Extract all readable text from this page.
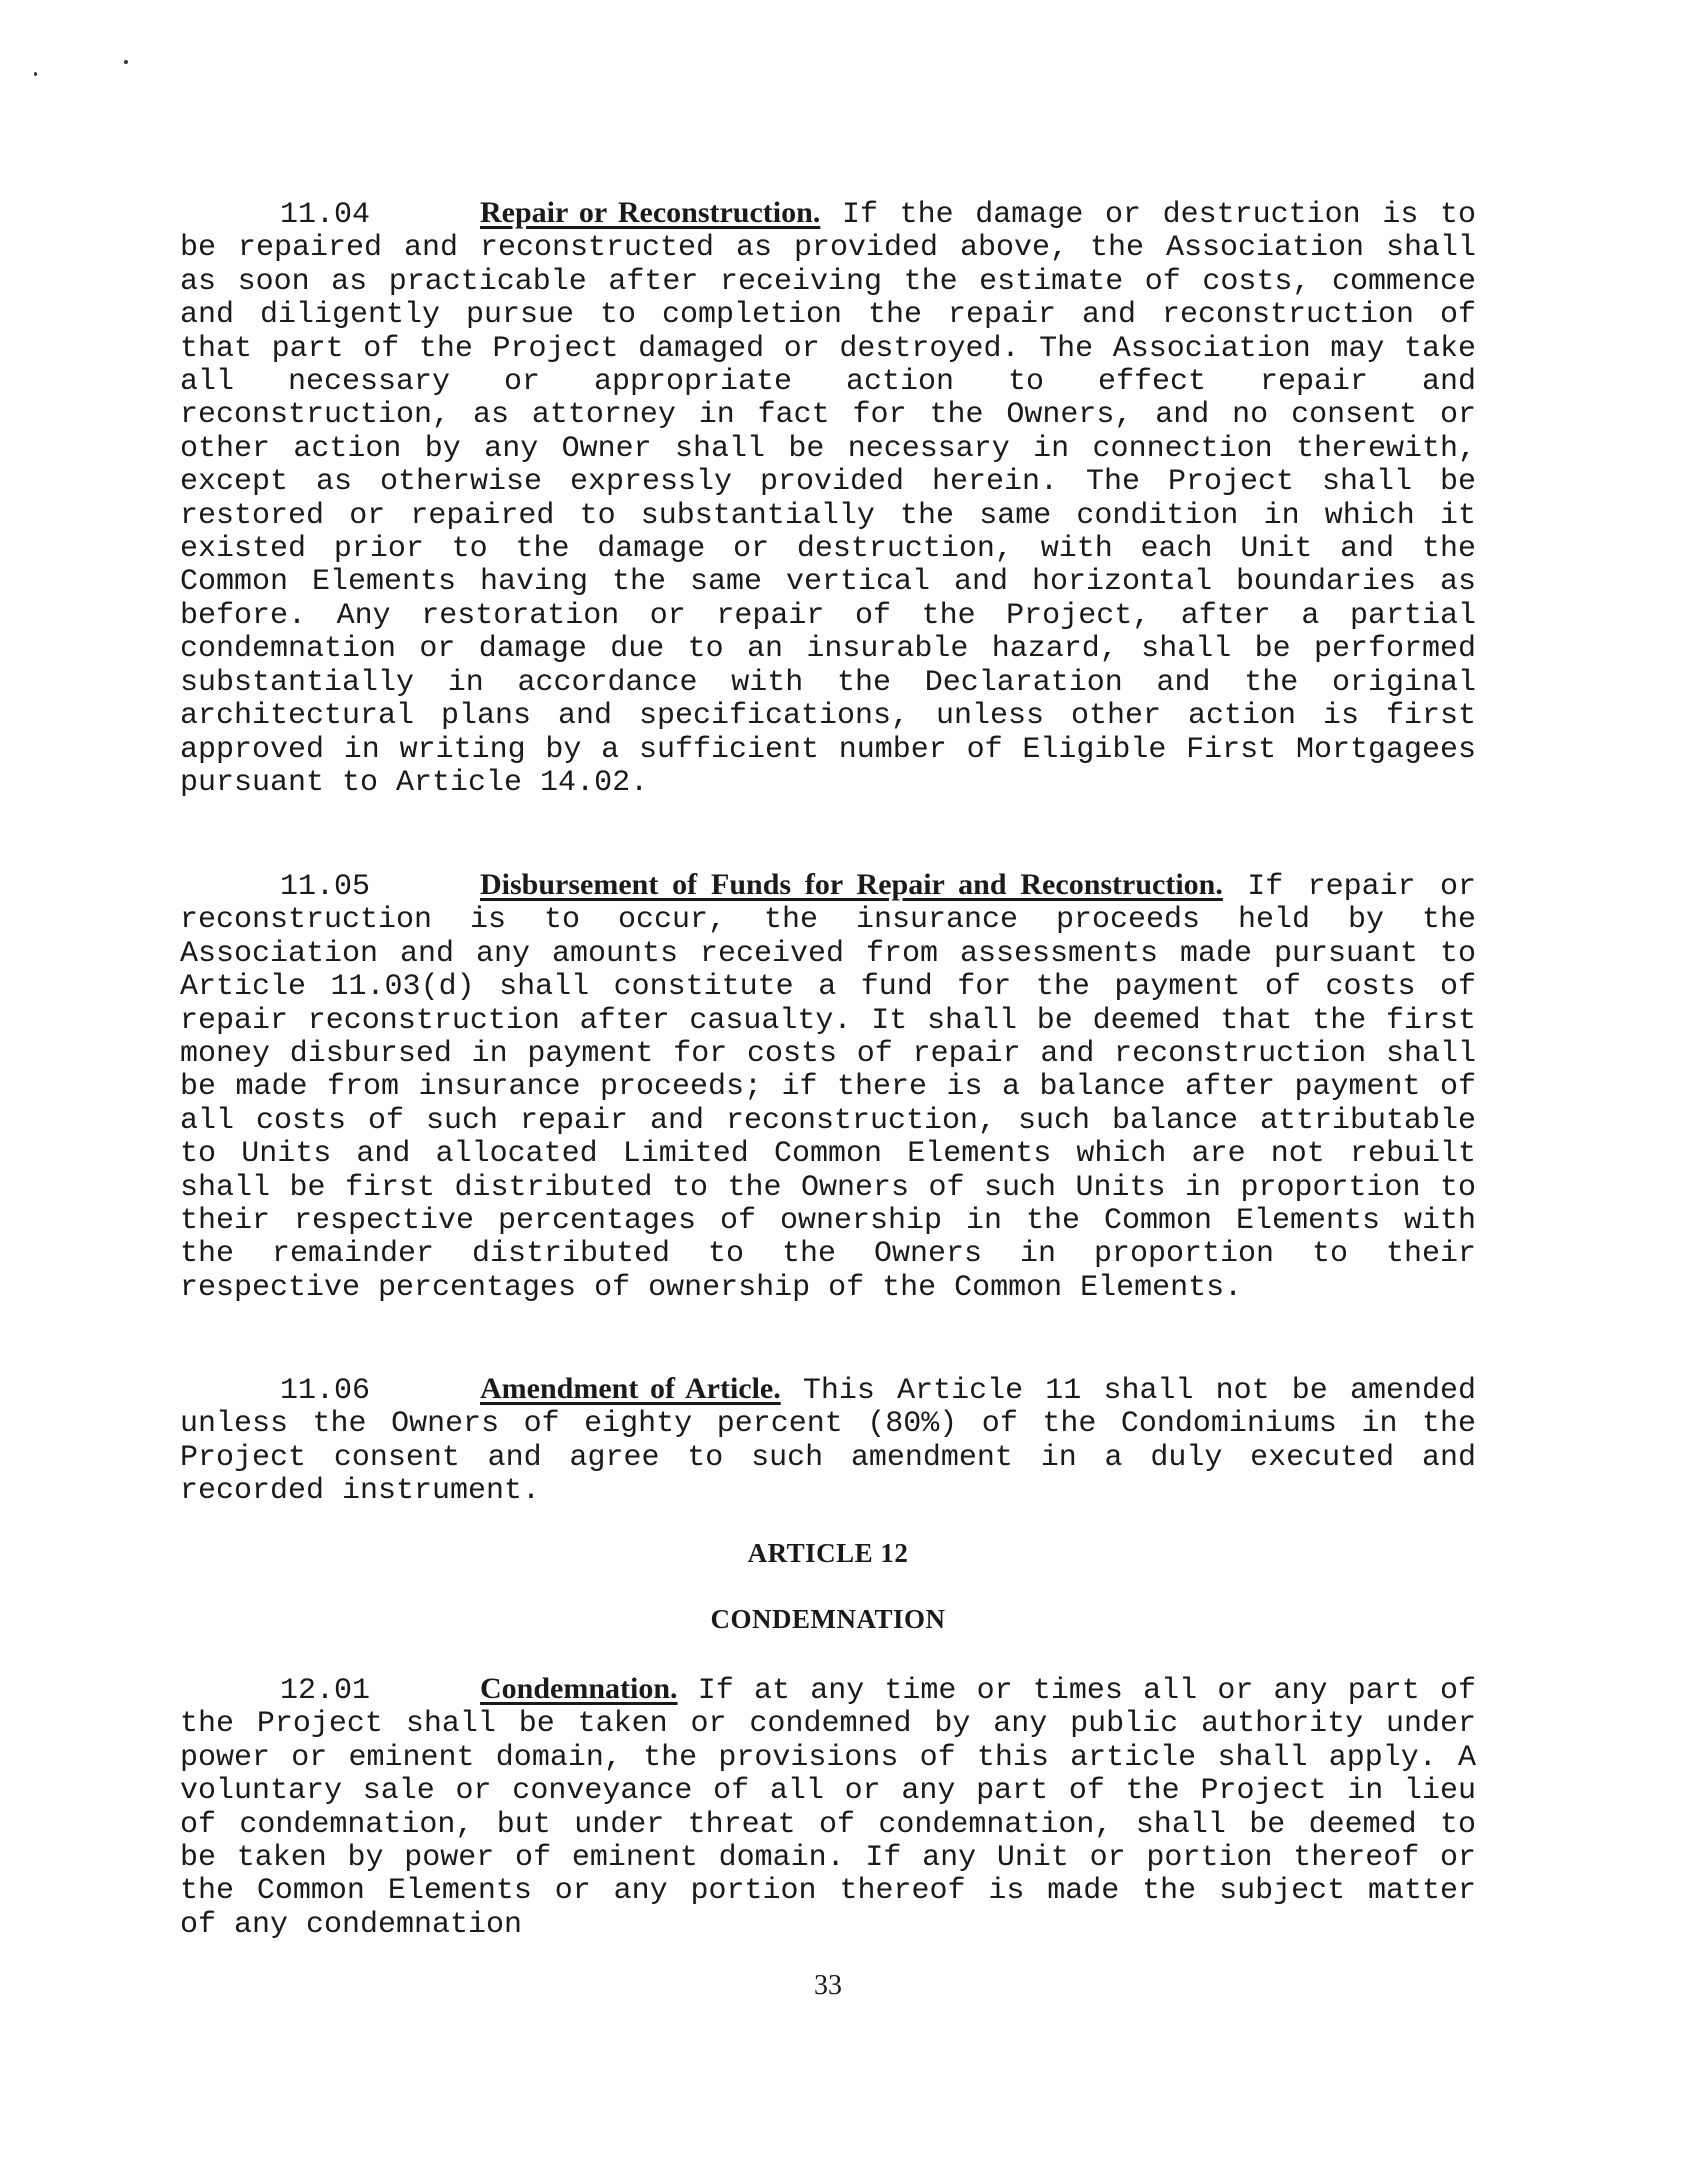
11.04	Repair or Reconstruction. If the damage or destruction is to be repaired and reconstructed as provided above, the Association shall as soon as practicable after receiving the estimate of costs, commence and diligently pursue to completion the repair and reconstruction of that part of the Project damaged or destroyed. The Association may take all necessary or appropriate action to effect repair and reconstruction, as attorney in fact for the Owners, and no consent or other action by any Owner shall be necessary in connection therewith, except as otherwise expressly provided herein. The Project shall be restored or repaired to substantially the same condition in which it existed prior to the damage or destruction, with each Unit and the Common Elements having the same vertical and horizontal boundaries as before. Any restoration or repair of the Project, after a partial condemnation or damage due to an insurable hazard, shall be performed substantially in accordance with the Declaration and the original architectural plans and specifications, unless other action is first approved in writing by a sufficient number of Eligible First Mortgagees pursuant to Article 14.02.
11.05	Disbursement of Funds for Repair and Reconstruction. If repair or reconstruction is to occur, the insurance proceeds held by the Association and any amounts received from assessments made pursuant to Article 11.03(d) shall constitute a fund for the payment of costs of repair reconstruction after casualty. It shall be deemed that the first money disbursed in payment for costs of repair and reconstruction shall be made from insurance proceeds; if there is a balance after payment of all costs of such repair and reconstruction, such balance attributable to Units and allocated Limited Common Elements which are not rebuilt shall be first distributed to the Owners of such Units in proportion to their respective percentages of ownership in the Common Elements with the remainder distributed to the Owners in proportion to their respective percentages of ownership of the Common Elements.
11.06	Amendment of Article. This Article 11 shall not be amended unless the Owners of eighty percent (80%) of the Condominiums in the Project consent and agree to such amendment in a duly executed and recorded instrument.
ARTICLE 12
CONDEMNATION
12.01	Condemnation. If at any time or times all or any part of the Project shall be taken or condemned by any public authority under power or eminent domain, the provisions of this article shall apply. A voluntary sale or conveyance of all or any part of the Project in lieu of condemnation, but under threat of condemnation, shall be deemed to be taken by power of eminent domain. If any Unit or portion thereof or the Common Elements or any portion thereof is made the subject matter of any condemnation
33
